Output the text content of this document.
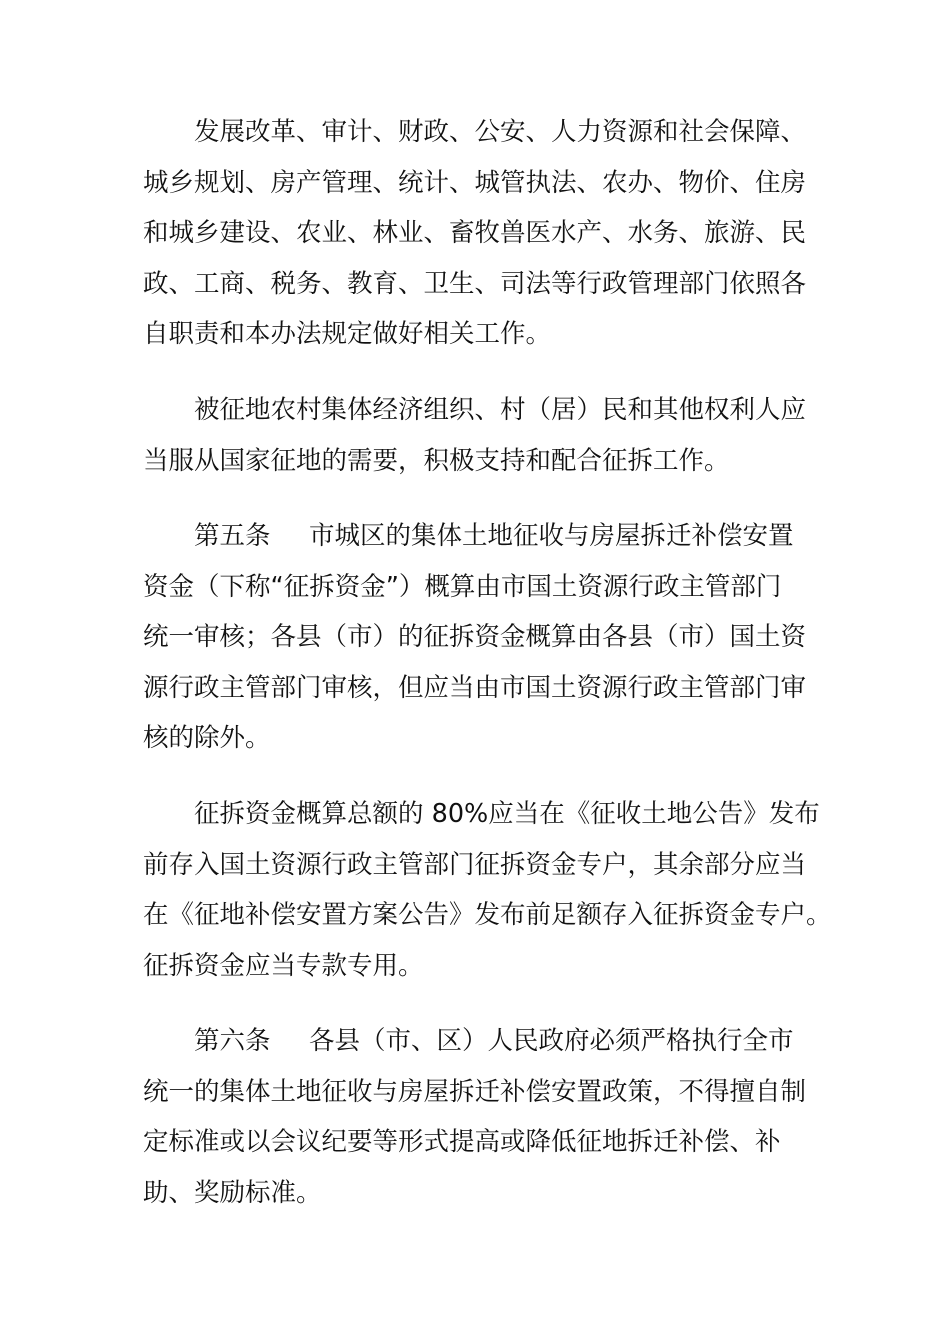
发展改革、审计、财政、公安、人力资源和社会保障、
城乡规划、房产管理、统计、城管执法、农办、物价、住房
和城乡建设、农业、林业、畜牧兽医水产、水务、旅游、民
政、工商、税务、教育、卫生、司法等行政管理部门依照各
自职责和本办法规定做好相关工作。
被征地农村集体经济组织、村（居）民和其他权利人应
当服从国家征地的需要，积极支持和配合征拆工作。
第五条 市城区的集体土地征收与房屋拆迁补偿安置
资金（下称“征拆资金”）概算由市国土资源行政主管部门
统一审核；各县（市）的征拆资金概算由各县（市）国土资
源行政主管部门审核，但应当由市国土资源行政主管部门审
核的除外。
征拆资金概算总额的 80%应当在《征收土地公告》发布
前存入国土资源行政主管部门征拆资金专户，其余部分应当
在《征地补偿安置方案公告》发布前足额存入征拆资金专户。
征拆资金应当专款专用。
第六条 各县（市、区）人民政府必须严格执行全市
统一的集体土地征收与房屋拆迁补偿安置政策，不得擅自制
定标准或以会议纪要等形式提高或降低征地拆迁补偿、补
助、奖励标准。
